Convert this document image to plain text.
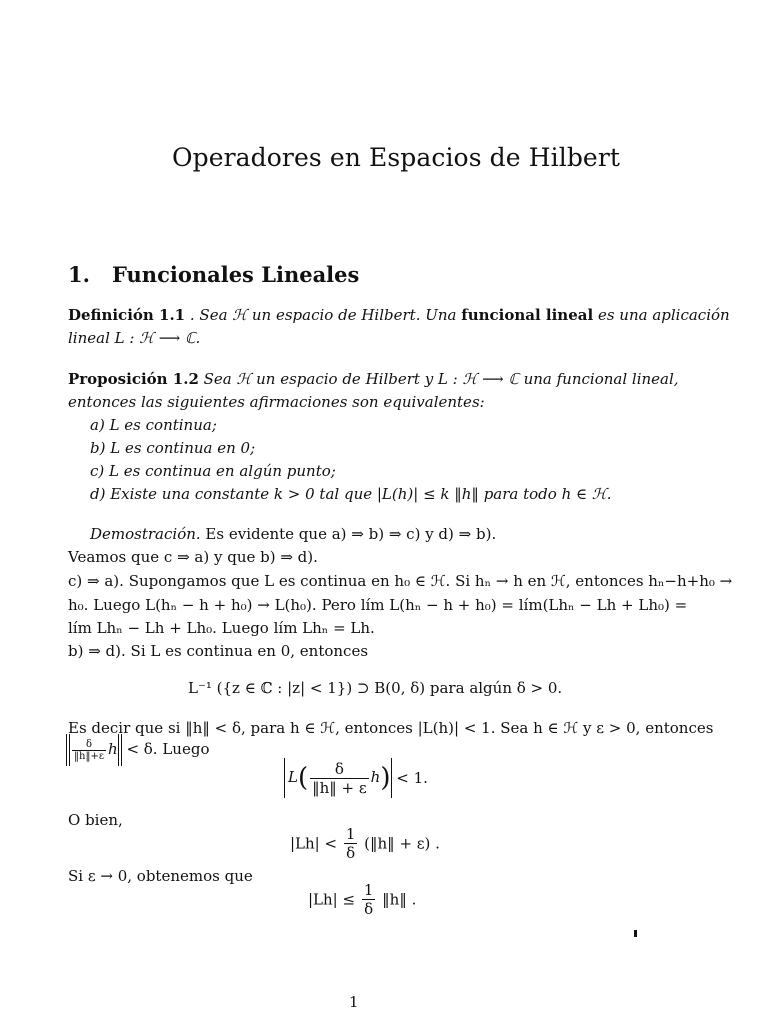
Operadores en Espacios de Hilbert
1. Funcionales Lineales
Definición 1.1 . Sea ℋ un espacio de Hilbert. Una funcional lineal es una aplicación
lineal L : ℋ ⟶ ℂ.
Proposición 1.2 Sea ℋ un espacio de Hilbert y L : ℋ ⟶ ℂ una funcional lineal,
entonces las siguientes afirmaciones son equivalentes:
a) L es continua;
b) L es continua en 0;
c) L es continua en algún punto;
d) Existe una constante k > 0 tal que |L(h)| ≤ k ‖h‖ para todo h ∈ ℋ.
Demostración. Es evidente que a) ⇒ b) ⇒ c) y d) ⇒ b).
Veamos que c ⇒ a) y que b) ⇒ d).
c) ⇒ a). Supongamos que L es continua en h₀ ∈ ℋ. Si hₙ → h en ℋ, entonces hₙ−h+h₀ →
h₀. Luego L(hₙ − h + h₀) → L(h₀). Pero lím L(hₙ − h + h₀) = lím(Lhₙ − Lh + Lh₀) =
lím Lhₙ − Lh + Lh₀. Luego lím Lhₙ = Lh.
b) ⇒ d). Si L es continua en 0, entonces
L⁻¹ ({z ∈ ℂ : |z| < 1}) ⊃ B(0, δ) para algún δ > 0.
Es decir que si ‖h‖ < δ, para h ∈ ℋ, entonces |L(h)| < 1. Sea h ∈ ℋ y ε > 0, entonces
$\frac{\delta}{‖h‖+\varepsilon}$ h < δ. Luego
$L( \frac{\delta}{‖h‖ + \varepsilon} h) < 1$.
O bien,
$|Lh| < \frac{1}{\delta}$ (‖h‖ + ε) .
Si ε → 0, obtenemos que
$|Lh| \le \frac{1}{\delta}$ ‖h‖ .
1
